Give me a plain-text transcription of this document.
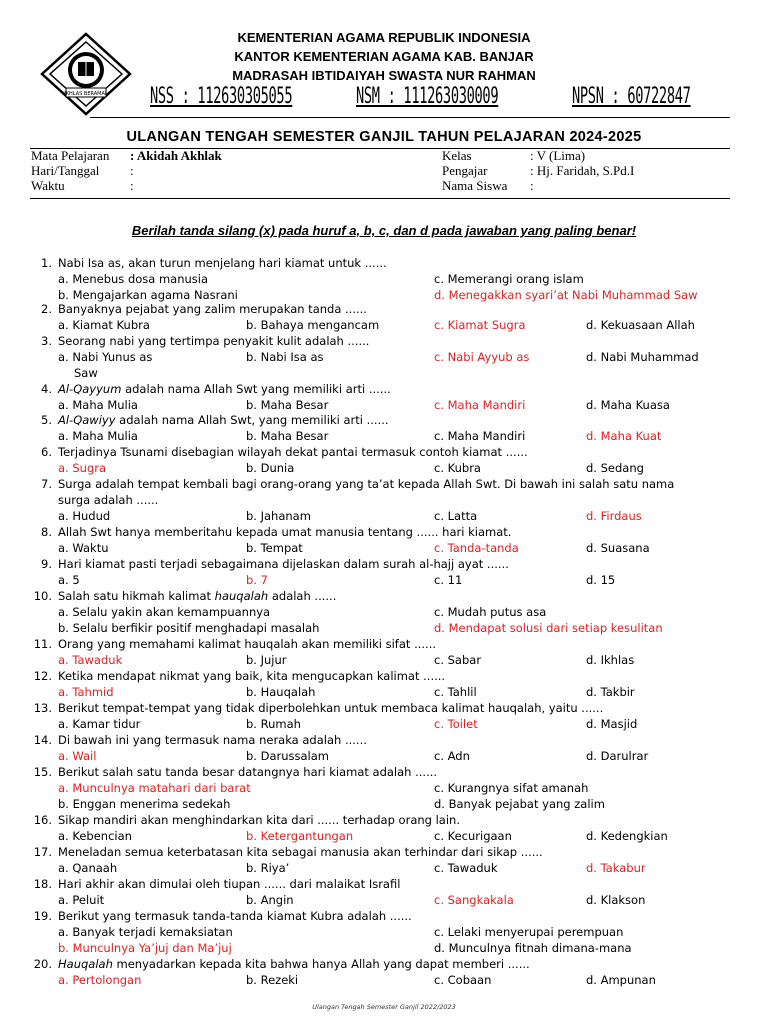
IKHLAS BERAMAL
KEMENTERIAN AGAMA REPUBLIK INDONESIA
KANTOR KEMENTERIAN AGAMA KAB. BANJAR
MADRASAH IBTIDAIYAH SWASTA NUR RAHMAN
NSS : 112630305055	NSM : 111263030009	NPSN : 60722847
ULANGAN TENGAH SEMESTER GANJIL TAHUN PELAJARAN 2024-2025
Mata Pelajaran : Akidah Akhlak
Hari/Tanggal :
Waktu	:
Kelas	: V (Lima)
Pengajar	: Hj. Faridah, S.Pd.I
Nama Siswa :
Berilah tanda silang (x) pada huruf a, b, c, dan d pada jawaban yang paling benar!
1. Nabi Isa as, akan turun menjelang hari kiamat untuk ......
a. Menebus dosa manusia	c. Memerangi orang islam
b. Mengajarkan agama Nasrani	d. Menegakkan syari’at Nabi Muhammad Saw
2. Banyaknya pejabat yang zalim merupakan tanda ......
a. Kiamat Kubra	b. Bahaya mengancam	c. Kiamat Sugra	d. Kekuasaan Allah
3. Seorang nabi yang tertimpa penyakit kulit adalah ......
a. Nabi Yunus as	b. Nabi Isa as	c. Nabi Ayyub as	d. Nabi Muhammad
Saw
4. Al-Qayyum adalah nama Allah Swt yang memiliki arti ......
a. Maha Mulia	b. Maha Besar	c. Maha Mandiri	d. Maha Kuasa
5. Al-Qawiyy adalah nama Allah Swt, yang memiliki arti ......
a. Maha Mulia	b. Maha Besar	c. Maha Mandiri	d. Maha Kuat
6. Terjadinya Tsunami disebagian wilayah dekat pantai termasuk contoh kiamat ......
a. Sugra	b. Dunia	c. Kubra	d. Sedang
7. Surga adalah tempat kembali bagi orang-orang yang ta’at kepada Allah Swt. Di bawah ini salah satu nama
surga adalah ......
a. Hudud	b. Jahanam	c. Latta	d. Firdaus
8. Allah Swt hanya memberitahu kepada umat manusia tentang ...... hari kiamat.
a. Waktu	b. Tempat	c. Tanda-tanda	d. Suasana
9. Hari kiamat pasti terjadi sebagaimana dijelaskan dalam surah al-hajj ayat ......
a. 5	b. 7	c. 11	d. 15
10. Salah satu hikmah kalimat hauqalah adalah ......
a. Selalu yakin akan kemampuannya	c. Mudah putus asa
b. Selalu berfikir positif menghadapi masalah	d. Mendapat solusi dari setiap kesulitan
11. Orang yang memahami kalimat hauqalah akan memiliki sifat ......
a. Tawaduk	b. Jujur	c. Sabar	d. Ikhlas
12. Ketika mendapat nikmat yang baik, kita mengucapkan kalimat ......
a. Tahmid	b. Hauqalah	c. Tahlil	d. Takbir
13. Berikut tempat-tempat yang tidak diperbolehkan untuk membaca kalimat hauqalah, yaitu ......
a. Kamar tidur	b. Rumah	c. Toilet	d. Masjid
14. Di bawah ini yang termasuk nama neraka adalah ......
a. Wail	b. Darussalam	c. Adn	d. Darulrar
15. Berikut salah satu tanda besar datangnya hari kiamat adalah ......
a. Munculnya matahari dari barat	c. Kurangnya sifat amanah
b. Enggan menerima sedekah	d. Banyak pejabat yang zalim
16. Sikap mandiri akan menghindarkan kita dari ...... terhadap orang lain.
a. Kebencian	b. Ketergantungan	c. Kecurigaan	d. Kedengkian
17. Meneladan semua keterbatasan kita sebagai manusia akan terhindar dari sikap ......
a. Qanaah	b. Riya’	c. Tawaduk	d. Takabur
18. Hari akhir akan dimulai oleh tiupan ...... dari malaikat Israfil
a. Peluit	b. Angin	c. Sangkakala	d. Klakson
19. Berikut yang termasuk tanda-tanda kiamat Kubra adalah ......
a. Banyak terjadi kemaksiatan	c. Lelaki menyerupai perempuan
b. Munculnya Ya’juj dan Ma’juj	d. Munculnya fitnah dimana-mana
20. Hauqalah menyadarkan kepada kita bahwa hanya Allah yang dapat memberi ......
a. Pertolongan	b. Rezeki	c. Cobaan	d. Ampunan
Ulangan Tengah Semester Ganjil 2022/2023
